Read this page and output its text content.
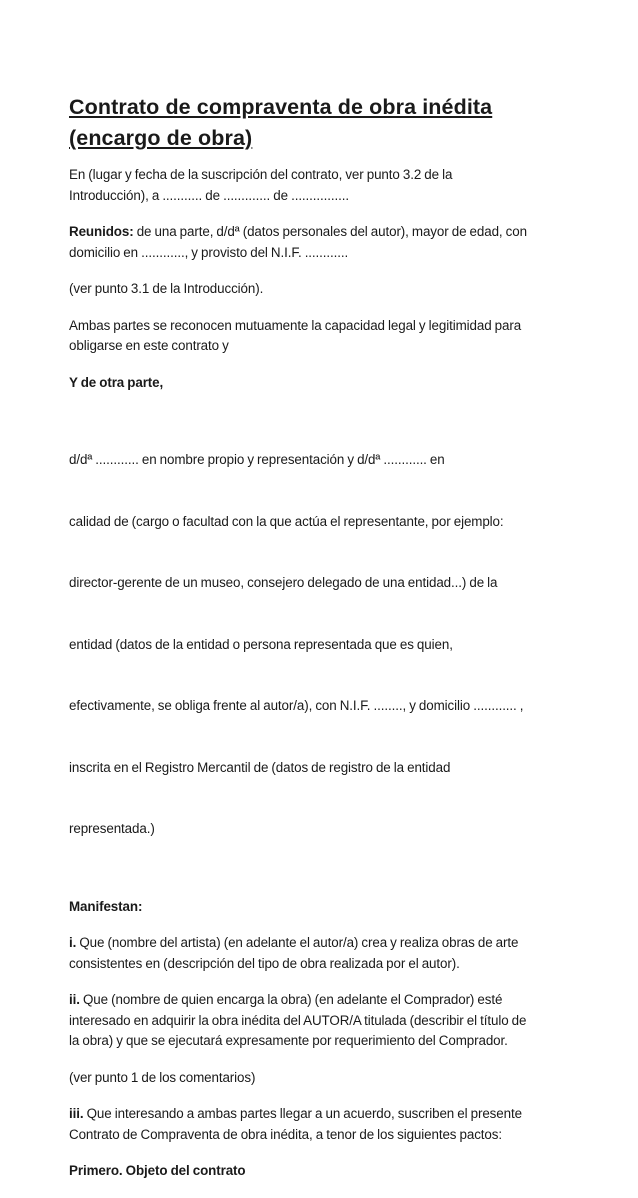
Contrato de compraventa de obra inédita
(encargo de obra)

En (lugar y fecha de la suscripción del contrato, ver punto 3.2 de la
Introducción), a ........... de ............. de ................

Reunidos: de una parte, d/dª (datos personales del autor), mayor de edad, con
domicilio en ............, y provisto del N.I.F. ............

(ver punto 3.1 de la Introducción).

Ambas partes se reconocen mutuamente la capacidad legal y legitimidad para
obligarse en este contrato y

Y de otra parte,

d/dª ............ en nombre propio y representación y d/dª ............ en

calidad de (cargo o facultad con la que actúa el representante, por ejemplo:

director-gerente de un museo, consejero delegado de una entidad...) de la

entidad (datos de la entidad o persona representada que es quien,

efectivamente, se obliga frente al autor/a), con N.I.F. ........, y domicilio ............ ,

inscrita en el Registro Mercantil de (datos de registro de la entidad

representada.)

Manifestan:

i. Que (nombre del artista) (en adelante el autor/a) crea y realiza obras de arte
consistentes en (descripción del tipo de obra realizada por el autor).

ii. Que (nombre de quien encarga la obra) (en adelante el Comprador) esté
interesado en adquirir la obra inédita del AUTOR/A titulada (describir el título de
la obra) y que se ejecutará expresamente por requerimiento del Comprador.

(ver punto 1 de los comentarios)

iii. Que interesando a ambas partes llegar a un acuerdo, suscriben el presente
Contrato de Compraventa de obra inédita, a tenor de los siguientes pactos:

Primero. Objeto del contrato
